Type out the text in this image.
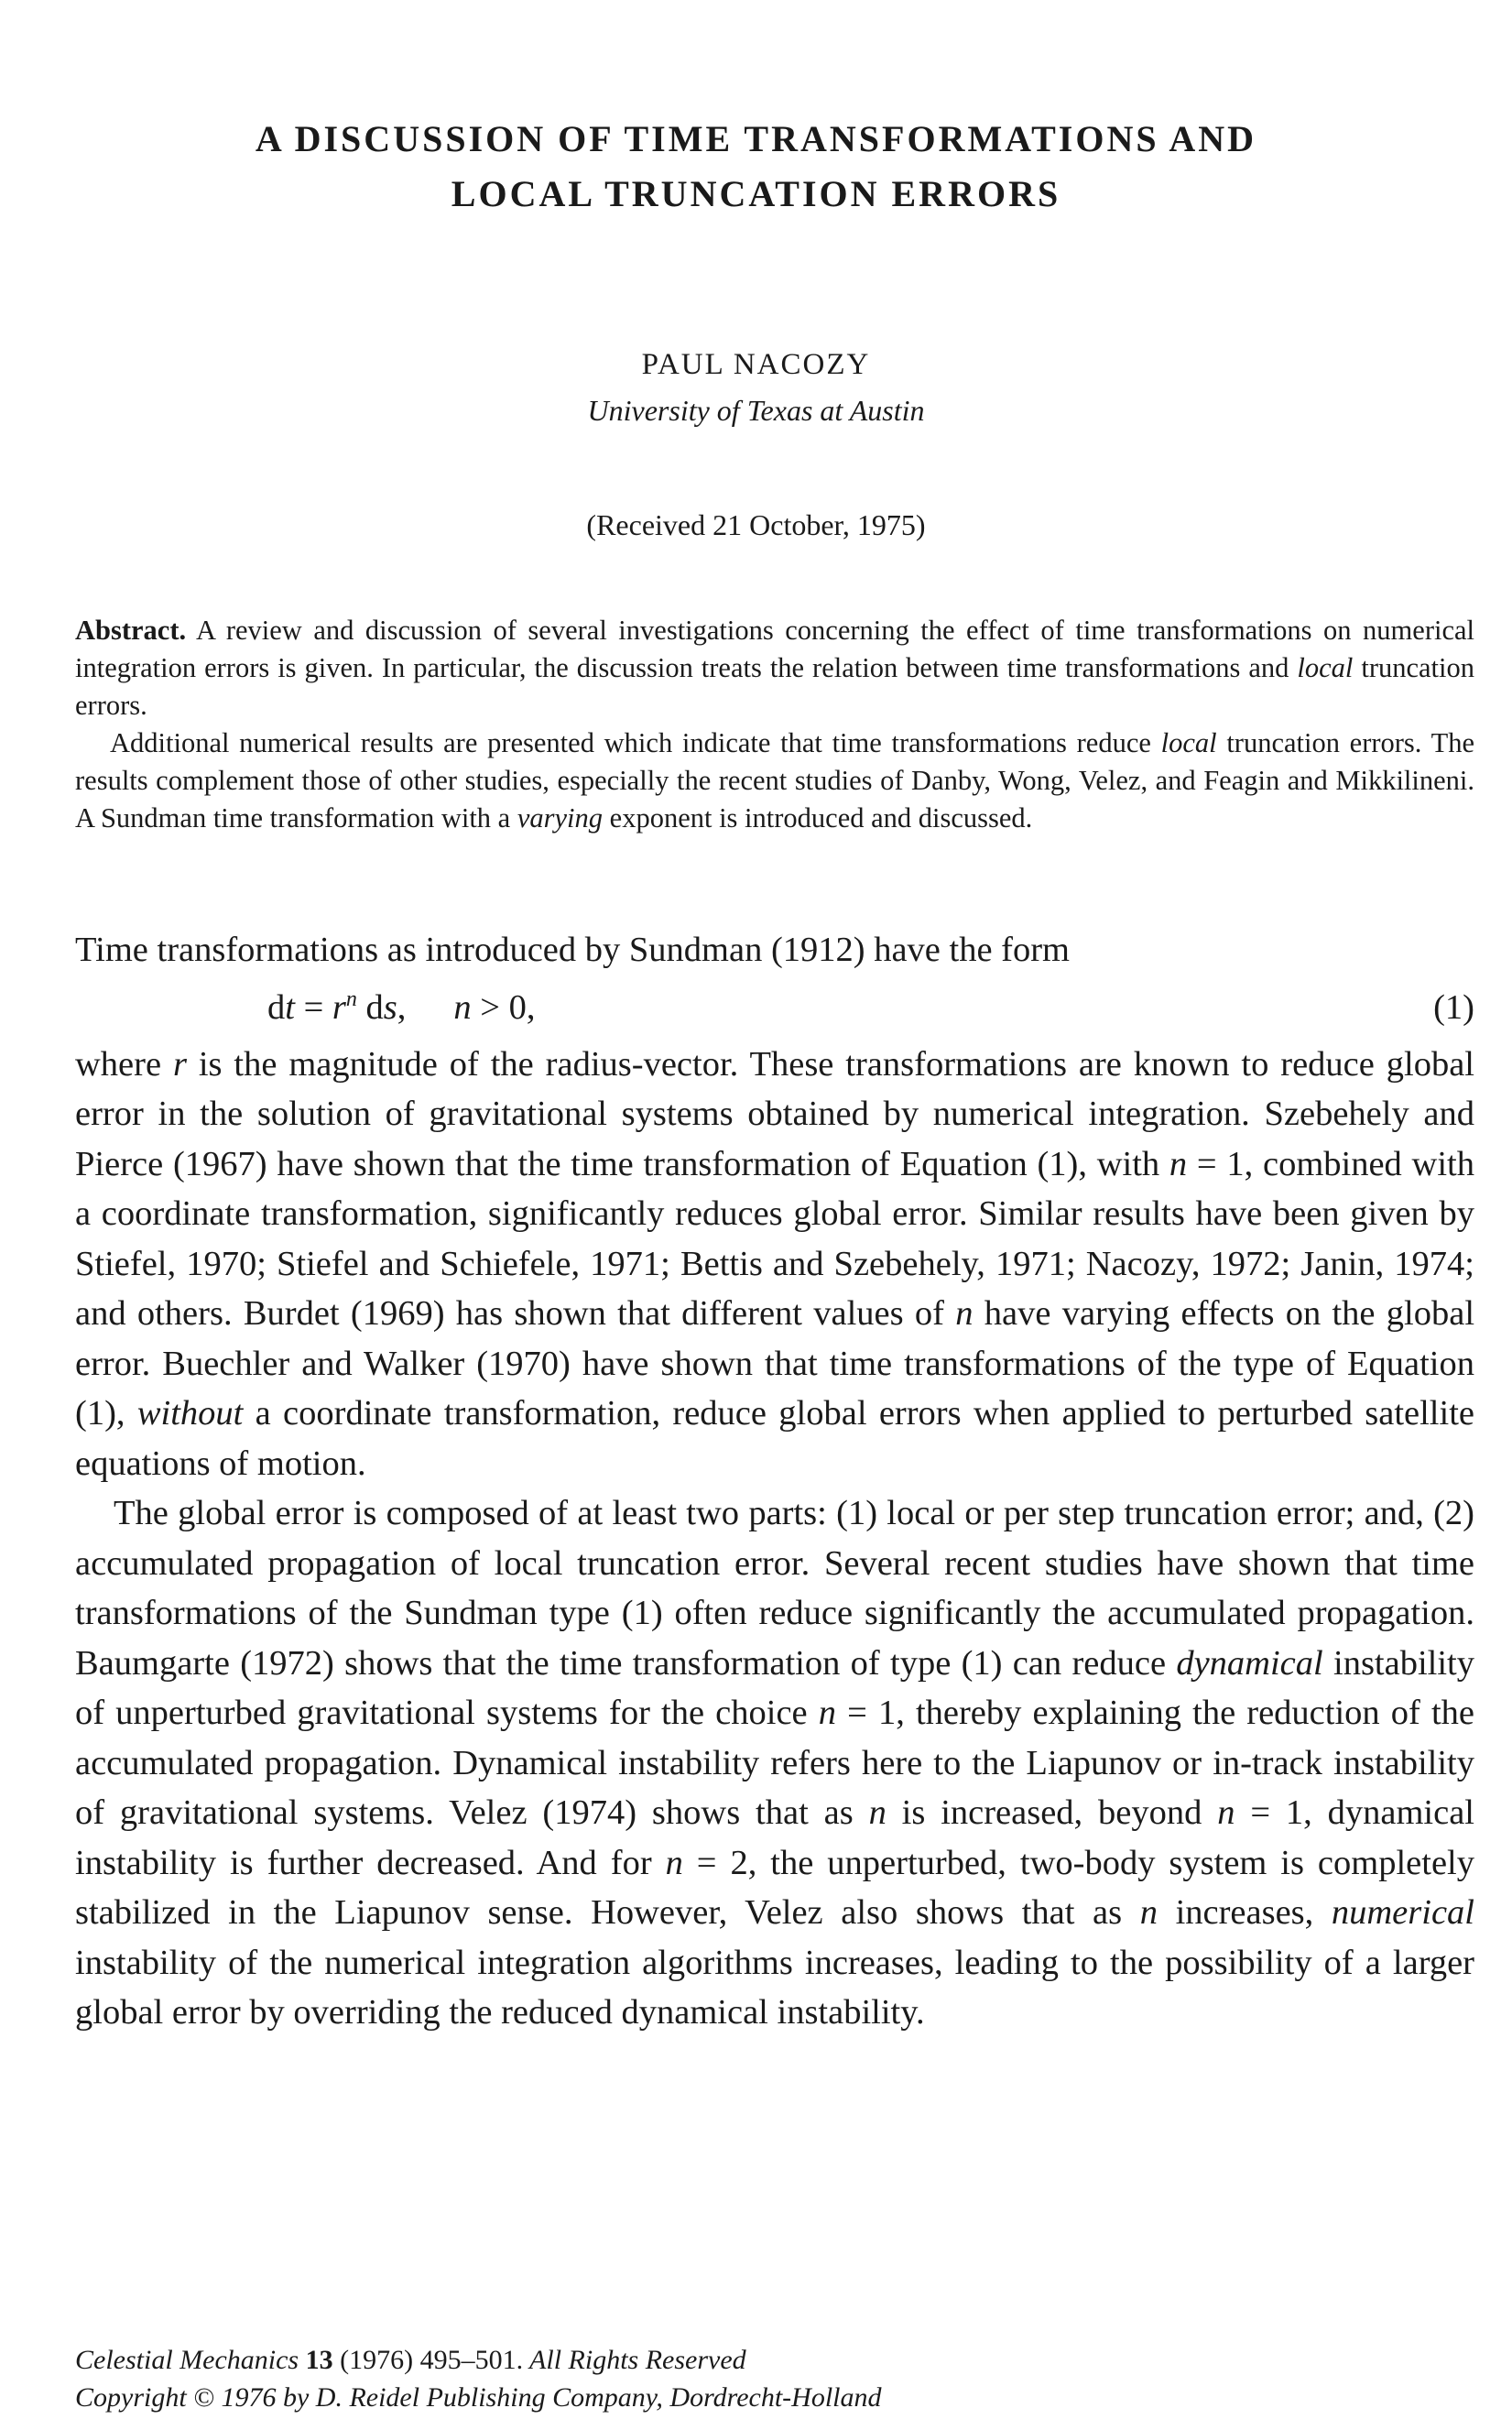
A DISCUSSION OF TIME TRANSFORMATIONS AND
LOCAL TRUNCATION ERRORS
PAUL NACOZY
University of Texas at Austin
(Received 21 October, 1975)

Abstract. A review and discussion of several investigations concerning the effect of time transformations on numerical integration errors is given. In particular, the discussion treats the relation between time transformations and local truncation errors.

Additional numerical results are presented which indicate that time transformations reduce local truncation errors. The results complement those of other studies, especially the recent studies of Danby, Wong, Velez, and Feagin and Mikkilineni. A Sundman time transformation with a varying exponent is introduced and discussed.

Time transformations as introduced by Sundman (1912) have the form

dt = $r^n$ ds, n > 0,	(1)

where r is the magnitude of the radius-vector. These transformations are known to reduce global error in the solution of gravitational systems obtained by numerical integration. Szebehely and Pierce (1967) have shown that the time transformation of Equation (1), with n = 1, combined with a coordinate transformation, significantly reduces global error. Similar results have been given by Stiefel, 1970; Stiefel and Schiefele, 1971; Bettis and Szebehely, 1971; Nacozy, 1972; Janin, 1974; and others. Burdet (1969) has shown that different values of n have varying effects on the global error. Buechler and Walker (1970) have shown that time transformations of the type of Equation (1), without a coordinate transformation, reduce global errors when applied to perturbed satellite equations of motion.

The global error is composed of at least two parts: (1) local or per step truncation error; and, (2) accumulated propagation of local truncation error. Several recent studies have shown that time transformations of the Sundman type (1) often reduce significantly the accumulated propagation. Baumgarte (1972) shows that the time transformation of type (1) can reduce dynamical instability of unperturbed gravitational systems for the choice n = 1, thereby explaining the reduction of the accumulated propagation. Dynamical instability refers here to the Liapunov or in-track instability of gravitational systems. Velez (1974) shows that as n is increased, beyond n = 1, dynamical instability is further decreased. And for n = 2, the unperturbed, two-body system is completely stabilized in the Liapunov sense. However, Velez also shows that as n increases, numerical instability of the numerical integration algorithms increases, leading to the possibility of a larger global error by overriding the reduced dynamical instability.

Celestial Mechanics 13 (1976) 495–501. All Rights Reserved
Copyright © 1976 by D. Reidel Publishing Company, Dordrecht-Holland
